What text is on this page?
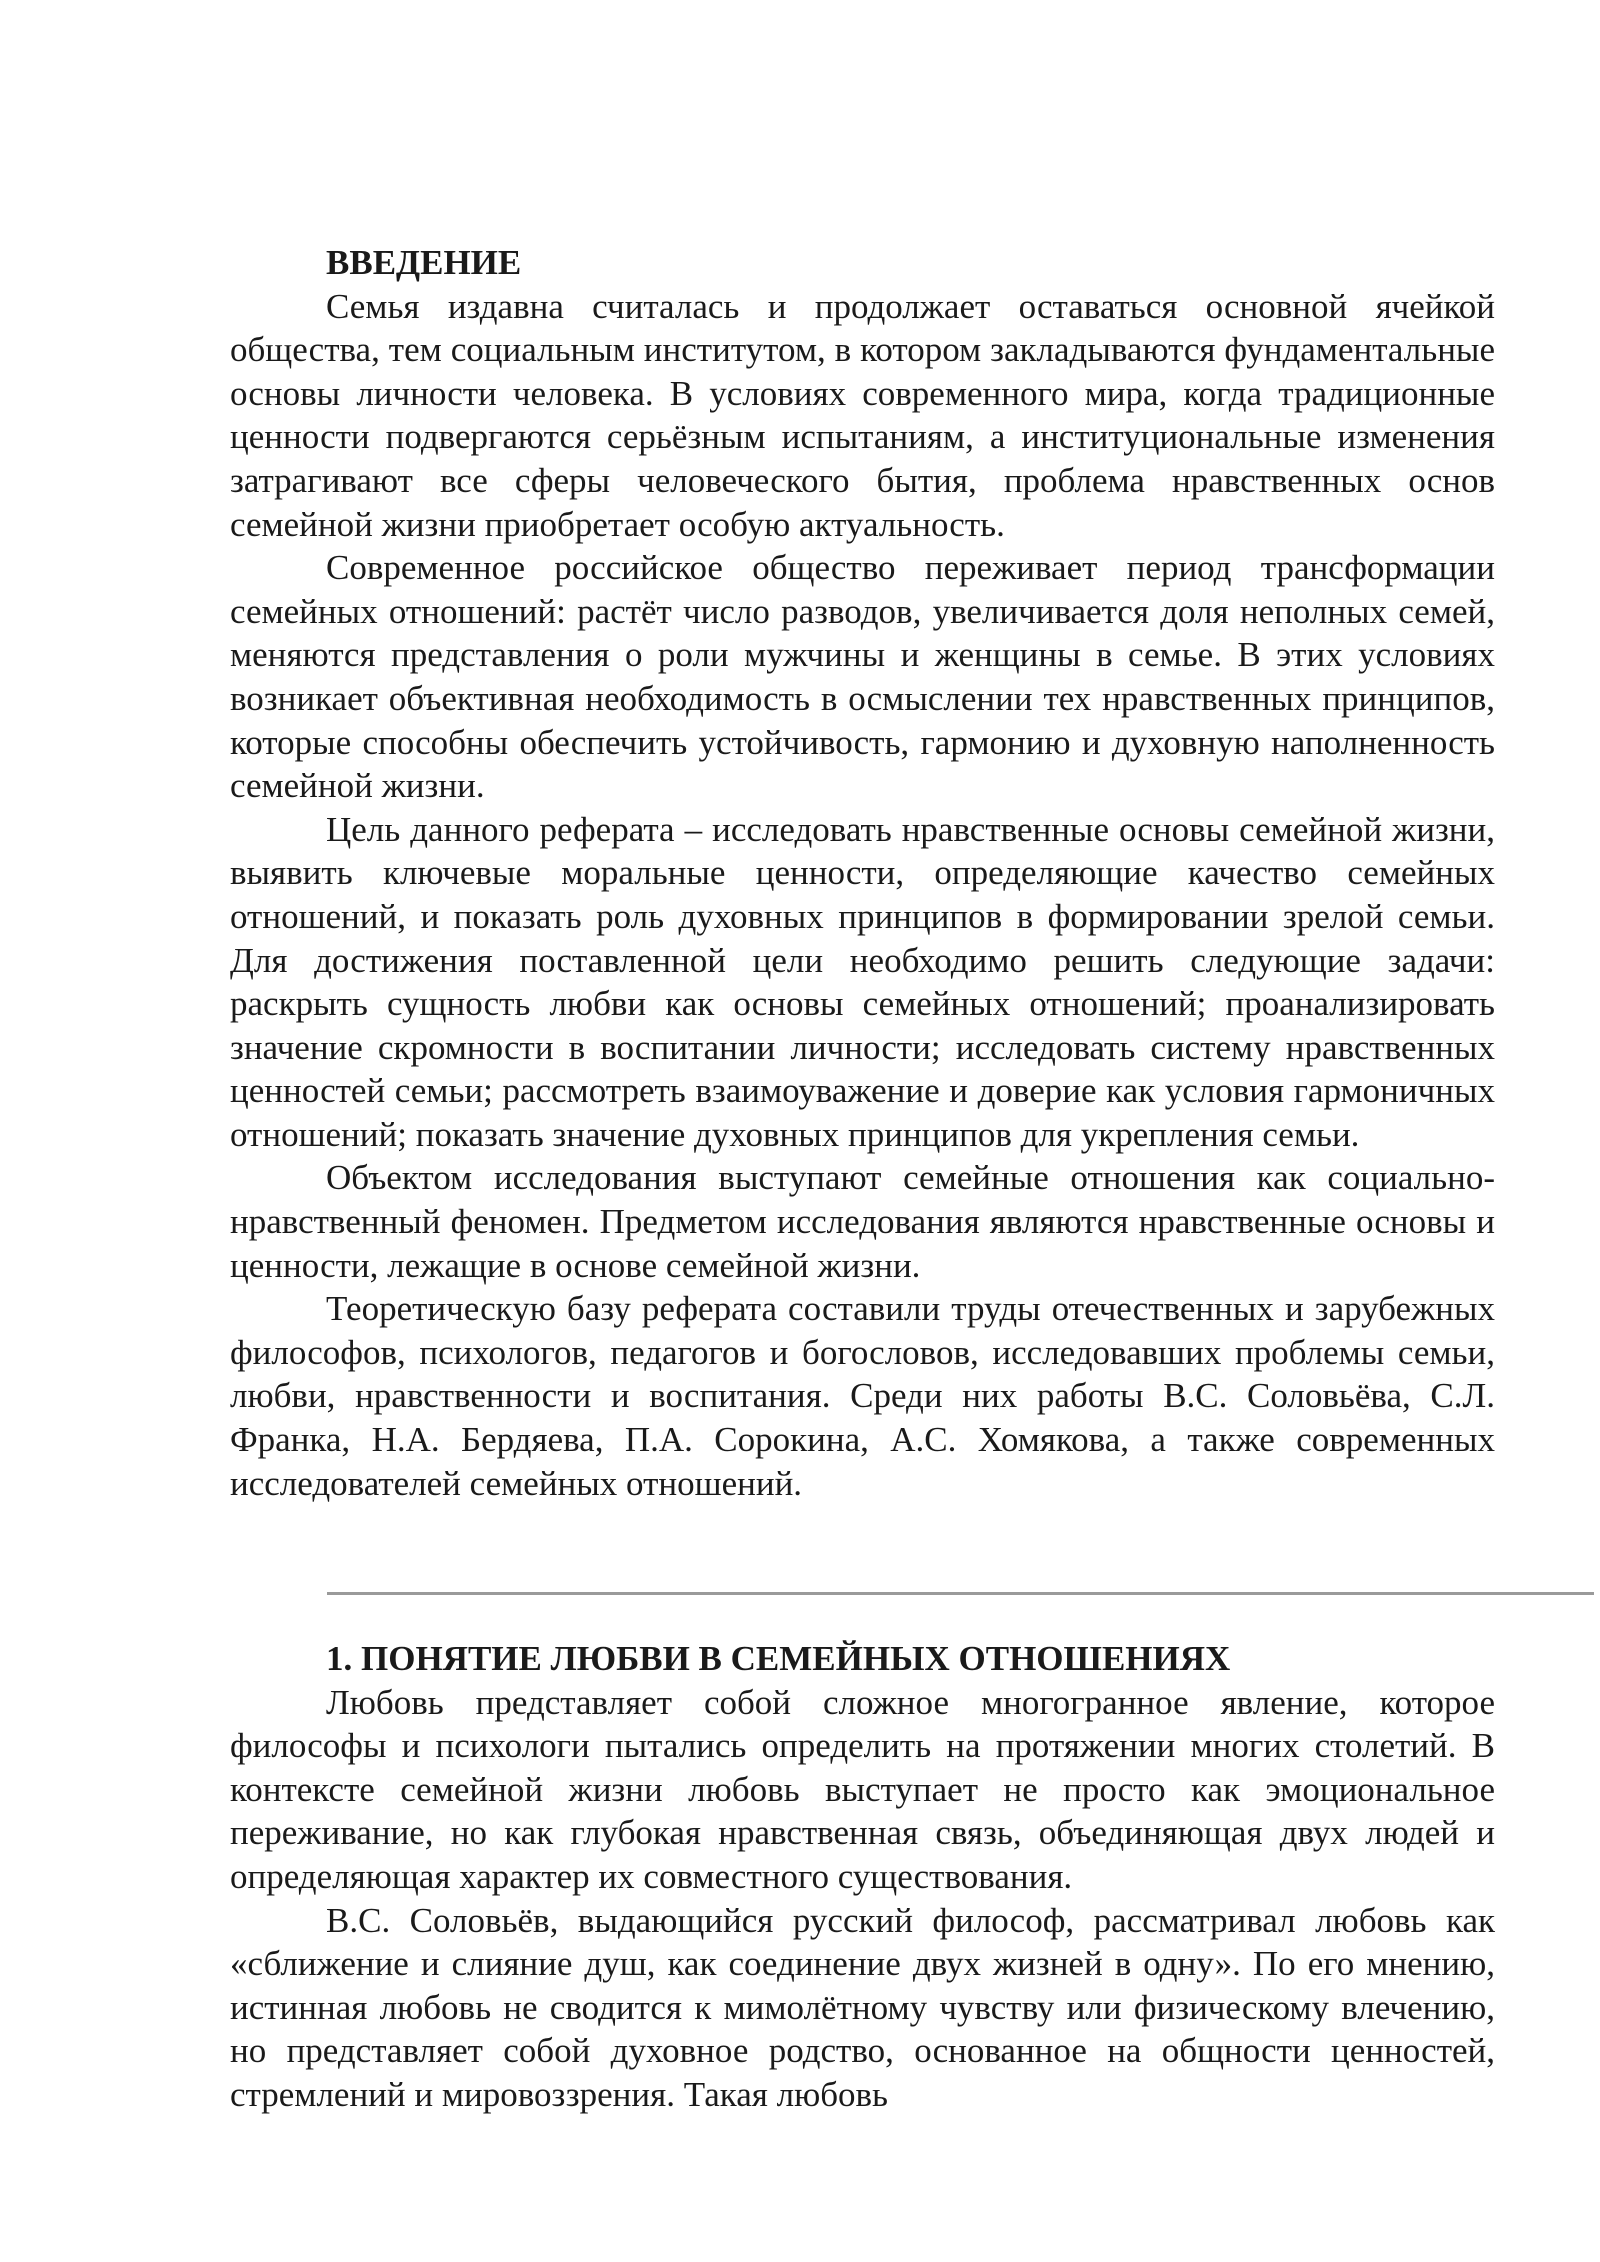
ВВЕДЕНИЕ

Семья издавна считалась и продолжает оставаться основной ячейкой общества, тем социальным институтом, в котором закладываются фундаментальные основы личности человека. В условиях современного мира, когда традиционные ценности подвергаются серьёзным испытаниям, а институциональные изменения затрагивают все сферы человеческого бытия, проблема нравственных основ семейной жизни приобретает особую актуальность.

Современное российское общество переживает период трансформации семейных отношений: растёт число разводов, увеличивается доля неполных семей, меняются представления о роли мужчины и женщины в семье. В этих условиях возникает объективная необходимость в осмыслении тех нравственных принципов, которые способны обеспечить устойчивость, гармонию и духовную наполненность семейной жизни.

Цель данного реферата – исследовать нравственные основы семейной жизни, выявить ключевые моральные ценности, определяющие качество семейных отношений, и показать роль духовных принципов в формировании зрелой семьи. Для достижения поставленной цели необходимо решить следующие задачи: раскрыть сущность любви как основы семейных отношений; проанализировать значение скромности в воспитании личности; исследовать систему нравственных ценностей семьи; рассмотреть взаимоуважение и доверие как условия гармоничных отношений; показать значение духовных принципов для укрепления семьи.

Объектом исследования выступают семейные отношения как социально-нравственный феномен. Предметом исследования являются нравственные основы и ценности, лежащие в основе семейной жизни.

Теоретическую базу реферата составили труды отечественных и зарубежных философов, психологов, педагогов и богословов, исследовавших проблемы семьи, любви, нравственности и воспитания. Среди них работы В.С. Соловьёва, С.Л. Франка, Н.А. Бердяева, П.А. Сорокина, А.С. Хомякова, а также современных исследователей семейных отношений.

1. ПОНЯТИЕ ЛЮБВИ В СЕМЕЙНЫХ ОТНОШЕНИЯХ

Любовь представляет собой сложное многогранное явление, которое философы и психологи пытались определить на протяжении многих столетий. В контексте семейной жизни любовь выступает не просто как эмоциональное переживание, но как глубокая нравственная связь, объединяющая двух людей и определяющая характер их совместного существования.

В.С. Соловьёв, выдающийся русский философ, рассматривал любовь как «сближение и слияние душ, как соединение двух жизней в одну». По его мнению, истинная любовь не сводится к мимолётному чувству или физическому влечению, но представляет собой духовное родство, основанное на общности ценностей, стремлений и мировоззрения. Такая любовь
